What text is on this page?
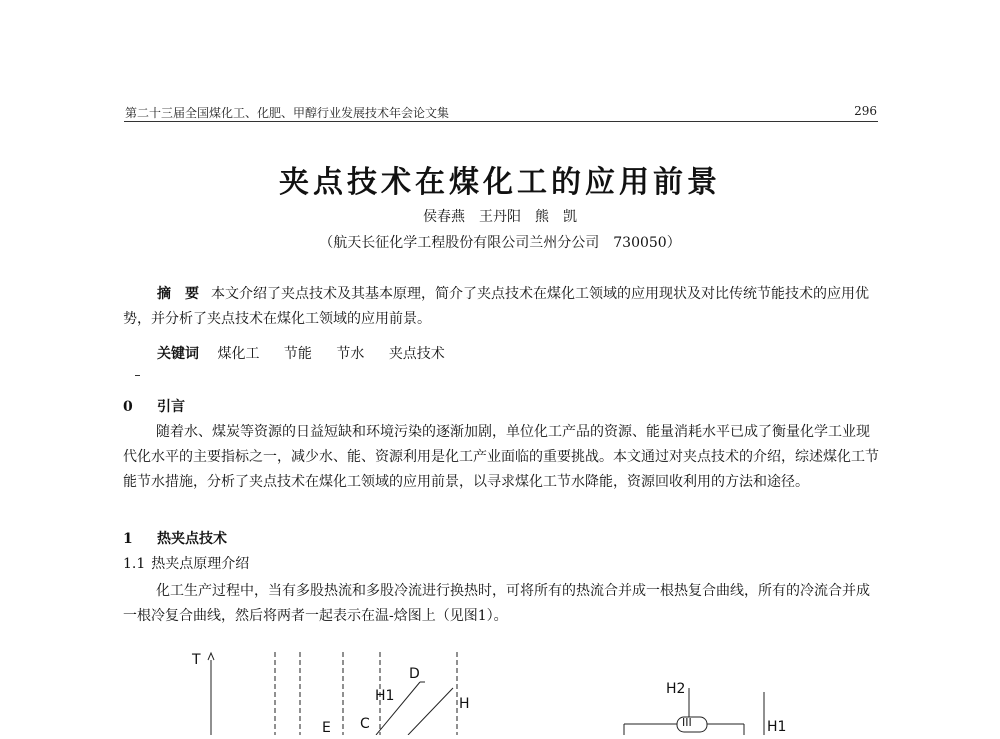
第二十三届全国煤化工、化肥、甲醇行业发展技术年会论文集	296
夹点技术在煤化工的应用前景
侯春燕　王丹阳　熊　凯
（航天长征化学工程股份有限公司兰州分公司　730050）
摘　要 本文介绍了夹点技术及其基本原理，简介了夹点技术在煤化工领域的应用现状及对比传统节能技术的应用优势，并分析了夹点技术在煤化工领域的应用前景。
关键词 煤化工 节能 节水 夹点技术
0 引言

随着水、煤炭等资源的日益短缺和环境污染的逐渐加剧，单位化工产品的资源、能量消耗水平已成了衡量化学工业现代化水平的主要指标之一，减少水、能、资源利用是化工产业面临的重要挑战。本文通过对夹点技术的介绍，综述煤化工节能节水措施，分析了夹点技术在煤化工领域的应用前景，以寻求煤化工节水降能，资源回收利用的方法和途径。

1 热夹点技术
1.1 热夹点原理介绍

化工生产过程中，当有多股热流和多股冷流进行换热时，可将所有的热流合并成一根热复合曲线，所有的冷流合并成一根冷复合曲线，然后将两者一起表示在温-焓图上（见图1）。

T
D
H1	H
C
E
H2
III	H1
